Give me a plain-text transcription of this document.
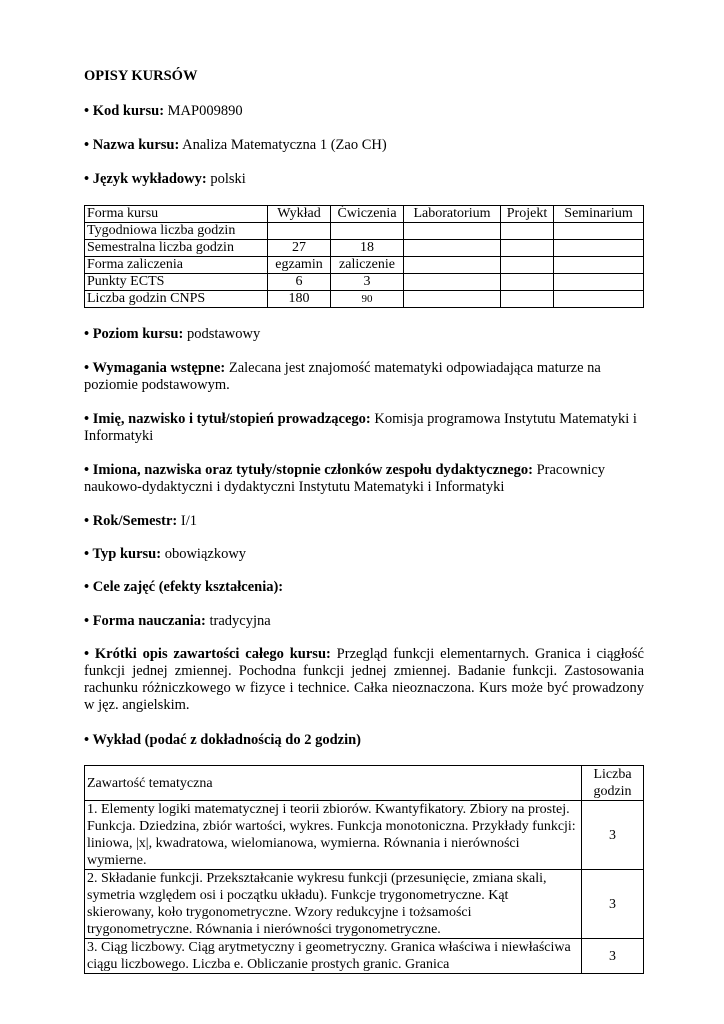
OPISY KURSÓW
• Kod kursu: MAP009890
• Nazwa kursu: Analiza Matematyczna 1 (Zao CH)
• Język wykładowy: polski
Forma kursu	Wykład	Ćwiczenia	Laboratorium	Projekt	Seminarium
Tygodniowa liczba godzin					
Semestralna liczba godzin	27	18			
Forma zaliczenia	egzamin	zaliczenie			
Punkty ECTS	6	3			
Liczba godzin CNPS	180	90			
• Poziom kursu: podstawowy
• Wymagania wstępne: Zalecana jest znajomość matematyki odpowiadająca maturze na poziomie podstawowym.
• Imię, nazwisko i tytuł/stopień prowadzącego: Komisja programowa Instytutu Matematyki i Informatyki
• Imiona, nazwiska oraz tytuły/stopnie członków zespołu dydaktycznego: Pracownicy naukowo-dydaktyczni i dydaktyczni Instytutu Matematyki i Informatyki
• Rok/Semestr: I/1
• Typ kursu: obowiązkowy
• Cele zajęć (efekty kształcenia):
• Forma nauczania: tradycyjna
• Krótki opis zawartości całego kursu: Przegląd funkcji elementarnych. Granica i ciągłość funkcji jednej zmiennej. Pochodna funkcji jednej zmiennej. Badanie funkcji. Zastosowania rachunku różniczkowego w fizyce i technice. Całka nieoznaczona. Kurs może być prowadzony w jęz. angielskim.
• Wykład (podać z dokładnością do 2 godzin)
Zawartość tematyczna	Liczba
godzin

1. Elementy logiki matematycznej i teorii zbiorów. Kwantyfikatory. Zbiory na prostej. Funkcja. Dziedzina, zbiór wartości, wykres. Funkcja monotoniczna. Przykłady funkcji: liniowa, |x|, kwadratowa, wielomianowa, wymierna. Równania i nierówności wymierne.	3
2. Składanie funkcji. Przekształcanie wykresu funkcji (przesunięcie, zmiana skali, symetria względem osi i początku układu). Funkcje trygonometryczne. Kąt skierowany, koło trygonometryczne. Wzory redukcyjne i tożsamości trygonometryczne. Równania i nierówności trygonometryczne.	3
3. Ciąg liczbowy. Ciąg arytmetyczny i geometryczny. Granica właściwa i niewłaściwa ciągu liczbowego. Liczba e. Obliczanie prostych granic. Granica	3
